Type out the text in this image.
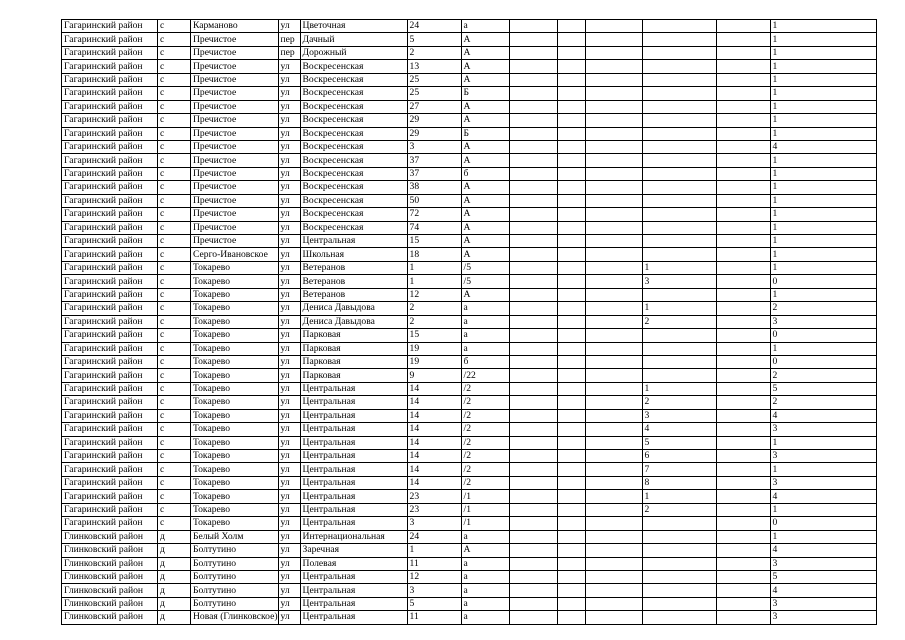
Гагаринский район	с	Карманово	ул	Цветочная	24	а						1
Гагаринский район	с	Пречистое	пер	Дачный	5	А						1
Гагаринский район	с	Пречистое	пер	Дорожный	2	А						1
Гагаринский район	с	Пречистое	ул	Воскресенская	13	А						1
Гагаринский район	с	Пречистое	ул	Воскресенская	25	А						1
Гагаринский район	с	Пречистое	ул	Воскресенская	25	Б						1
Гагаринский район	с	Пречистое	ул	Воскресенская	27	А						1
Гагаринский район	с	Пречистое	ул	Воскресенская	29	А						1
Гагаринский район	с	Пречистое	ул	Воскресенская	29	Б						1
Гагаринский район	с	Пречистое	ул	Воскресенская	3	А						4
Гагаринский район	с	Пречистое	ул	Воскресенская	37	А						1
Гагаринский район	с	Пречистое	ул	Воскресенская	37	б						1
Гагаринский район	с	Пречистое	ул	Воскресенская	38	А						1
Гагаринский район	с	Пречистое	ул	Воскресенская	50	А						1
Гагаринский район	с	Пречистое	ул	Воскресенская	72	А						1
Гагаринский район	с	Пречистое	ул	Воскресенская	74	А						1
Гагаринский район	с	Пречистое	ул	Центральная	15	А						1
Гагаринский район	с	Серго-Ивановское	ул	Школьная	18	А						1
Гагаринский район	с	Токарево	ул	Ветеранов	1	/5				1		1
Гагаринский район	с	Токарево	ул	Ветеранов	1	/5				3		0
Гагаринский район	с	Токарево	ул	Ветеранов	12	А						1
Гагаринский район	с	Токарево	ул	Дениса Давыдова	2	а				1		2
Гагаринский район	с	Токарево	ул	Дениса Давыдова	2	а				2		3
Гагаринский район	с	Токарево	ул	Парковая	15	а						0
Гагаринский район	с	Токарево	ул	Парковая	19	а						1
Гагаринский район	с	Токарево	ул	Парковая	19	б						0
Гагаринский район	с	Токарево	ул	Парковая	9	/22						2
Гагаринский район	с	Токарево	ул	Центральная	14	/2				1		5
Гагаринский район	с	Токарево	ул	Центральная	14	/2				2		2
Гагаринский район	с	Токарево	ул	Центральная	14	/2				3		4
Гагаринский район	с	Токарево	ул	Центральная	14	/2				4		3
Гагаринский район	с	Токарево	ул	Центральная	14	/2				5		1
Гагаринский район	с	Токарево	ул	Центральная	14	/2				6		3
Гагаринский район	с	Токарево	ул	Центральная	14	/2				7		1
Гагаринский район	с	Токарево	ул	Центральная	14	/2				8		3
Гагаринский район	с	Токарево	ул	Центральная	23	/1				1		4
Гагаринский район	с	Токарево	ул	Центральная	23	/1				2		1
Гагаринский район	с	Токарево	ул	Центральная	3	/1						0
Глинковский район	д	Белый Холм	ул	Интернациональная	24	а						1
Глинковский район	д	Болтутино	ул	Заречная	1	А						4
Глинковский район	д	Болтутино	ул	Полевая	11	а						3
Глинковский район	д	Болтутино	ул	Центральная	12	а						5
Глинковский район	д	Болтутино	ул	Центральная	3	а						4
Глинковский район	д	Болтутино	ул	Центральная	5	а						3
Глинковский район	д	Новая (Глинковское)	ул	Центральная	11	а						3
